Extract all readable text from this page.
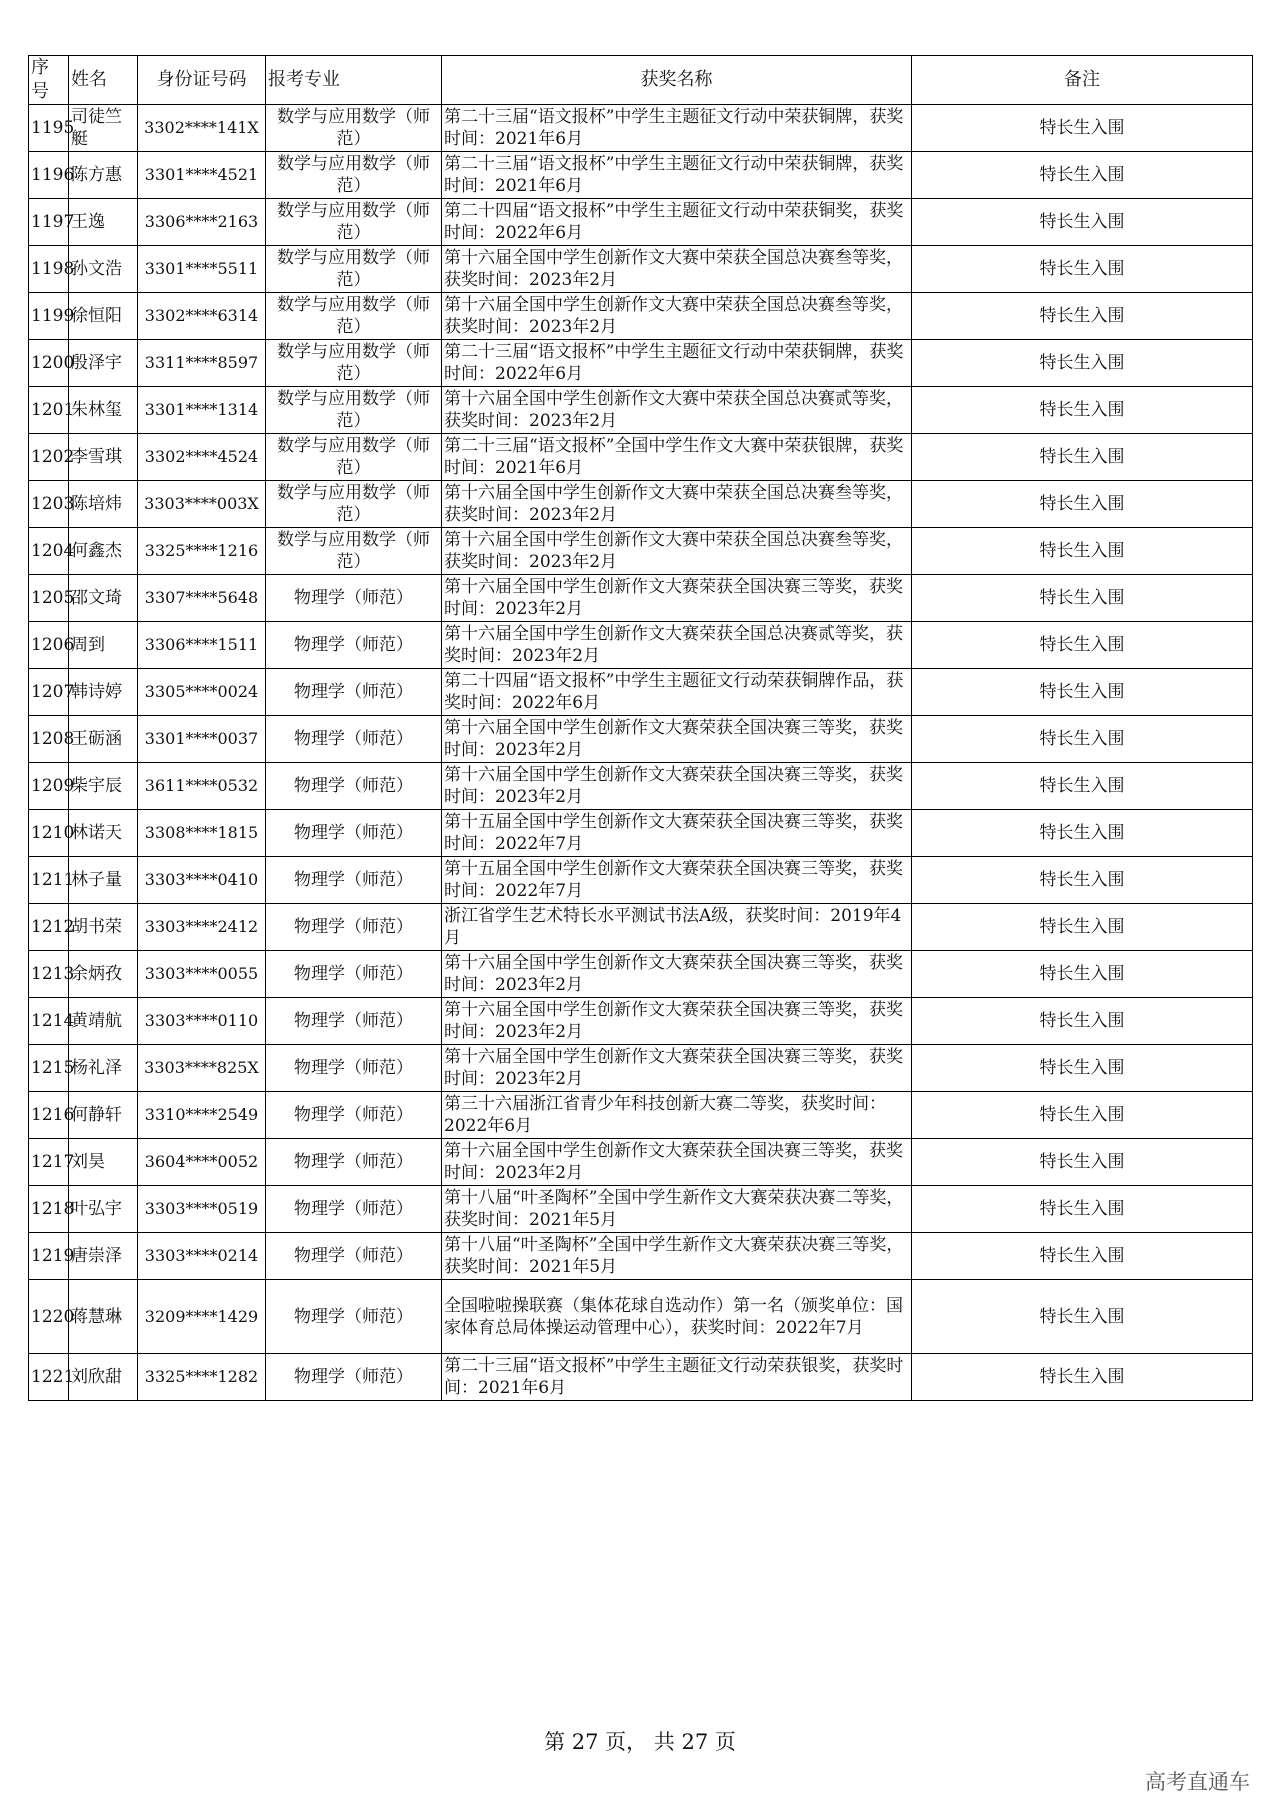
序号	姓名	身份证号码	报考专业	获奖名称	备注
1195	司徒竺艇	3302****141X	数学与应用数学（师范）	第二十三届“语文报杯”中学生主题征文行动中荣获铜牌，获奖时间：2021年6月	特长生入围
1196	陈方惠	3301****4521	数学与应用数学（师范）	第二十三届“语文报杯”中学生主题征文行动中荣获铜牌，获奖时间：2021年6月	特长生入围
1197	王逸	3306****2163	数学与应用数学（师范）	第二十四届“语文报杯”中学生主题征文行动中荣获铜奖，获奖时间：2022年6月	特长生入围
1198	孙文浩	3301****5511	数学与应用数学（师范）	第十六届全国中学生创新作文大赛中荣获全国总决赛叁等奖，获奖时间：2023年2月	特长生入围
1199	徐恒阳	3302****6314	数学与应用数学（师范）	第十六届全国中学生创新作文大赛中荣获全国总决赛叁等奖，获奖时间：2023年2月	特长生入围
1200	殷泽宇	3311****8597	数学与应用数学（师范）	第二十三届“语文报杯”中学生主题征文行动中荣获铜牌，获奖时间：2022年6月	特长生入围
1201	朱林玺	3301****1314	数学与应用数学（师范）	第十六届全国中学生创新作文大赛中荣获全国总决赛贰等奖，获奖时间：2023年2月	特长生入围
1202	李雪琪	3302****4524	数学与应用数学（师范）	第二十三届“语文报杯”全国中学生作文大赛中荣获银牌，获奖时间：2021年6月	特长生入围
1203	陈培炜	3303****003X	数学与应用数学（师范）	第十六届全国中学生创新作文大赛中荣获全国总决赛叁等奖，获奖时间：2023年2月	特长生入围
1204	何鑫杰	3325****1216	数学与应用数学（师范）	第十六届全国中学生创新作文大赛中荣获全国总决赛叁等奖，获奖时间：2023年2月	特长生入围
1205	邵文琦	3307****5648	物理学（师范）	第十六届全国中学生创新作文大赛荣获全国决赛三等奖，获奖时间：2023年2月	特长生入围
1206	周到	3306****1511	物理学（师范）	第十六届全国中学生创新作文大赛荣获全国总决赛贰等奖，获奖时间：2023年2月	特长生入围
1207	韩诗婷	3305****0024	物理学（师范）	第二十四届“语文报杯”中学生主题征文行动荣获铜牌作品，获奖时间：2022年6月	特长生入围
1208	王砺涵	3301****0037	物理学（师范）	第十六届全国中学生创新作文大赛荣获全国决赛三等奖，获奖时间：2023年2月	特长生入围
1209	柴宇辰	3611****0532	物理学（师范）	第十六届全国中学生创新作文大赛荣获全国决赛三等奖，获奖时间：2023年2月	特长生入围
1210	林诺天	3308****1815	物理学（师范）	第十五届全国中学生创新作文大赛荣获全国决赛三等奖，获奖时间：2022年7月	特长生入围
1211	林子量	3303****0410	物理学（师范）	第十五届全国中学生创新作文大赛荣获全国决赛三等奖，获奖时间：2022年7月	特长生入围
1212	胡书荣	3303****2412	物理学（师范）	浙江省学生艺术特长水平测试书法A级，获奖时间：2019年4月	特长生入围
1213	余炳孜	3303****0055	物理学（师范）	第十六届全国中学生创新作文大赛荣获全国决赛三等奖，获奖时间：2023年2月	特长生入围
1214	黄靖航	3303****0110	物理学（师范）	第十六届全国中学生创新作文大赛荣获全国决赛三等奖，获奖时间：2023年2月	特长生入围
1215	杨礼泽	3303****825X	物理学（师范）	第十六届全国中学生创新作文大赛荣获全国决赛三等奖，获奖时间：2023年2月	特长生入围
1216	何静轩	3310****2549	物理学（师范）	第三十六届浙江省青少年科技创新大赛二等奖，获奖时间：2022年6月	特长生入围
1217	刘昊	3604****0052	物理学（师范）	第十六届全国中学生创新作文大赛荣获全国决赛三等奖，获奖时间：2023年2月	特长生入围
1218	叶弘宇	3303****0519	物理学（师范）	第十八届“叶圣陶杯”全国中学生新作文大赛荣获决赛二等奖，获奖时间：2021年5月	特长生入围
1219	唐崇泽	3303****0214	物理学（师范）	第十八届“叶圣陶杯”全国中学生新作文大赛荣获决赛三等奖，获奖时间：2021年5月	特长生入围
1220	蒋慧琳	3209****1429	物理学（师范）	全国啦啦操联赛（集体花球自选动作）第一名（颁奖单位：国家体育总局体操运动管理中心），获奖时间：2022年7月	特长生入围
1221	刘欣甜	3325****1282	物理学（师范）	第二十三届“语文报杯”中学生主题征文行动荣获银奖，获奖时间：2021年6月	特长生入围
第 27 页， 共 27 页
高考直通车
